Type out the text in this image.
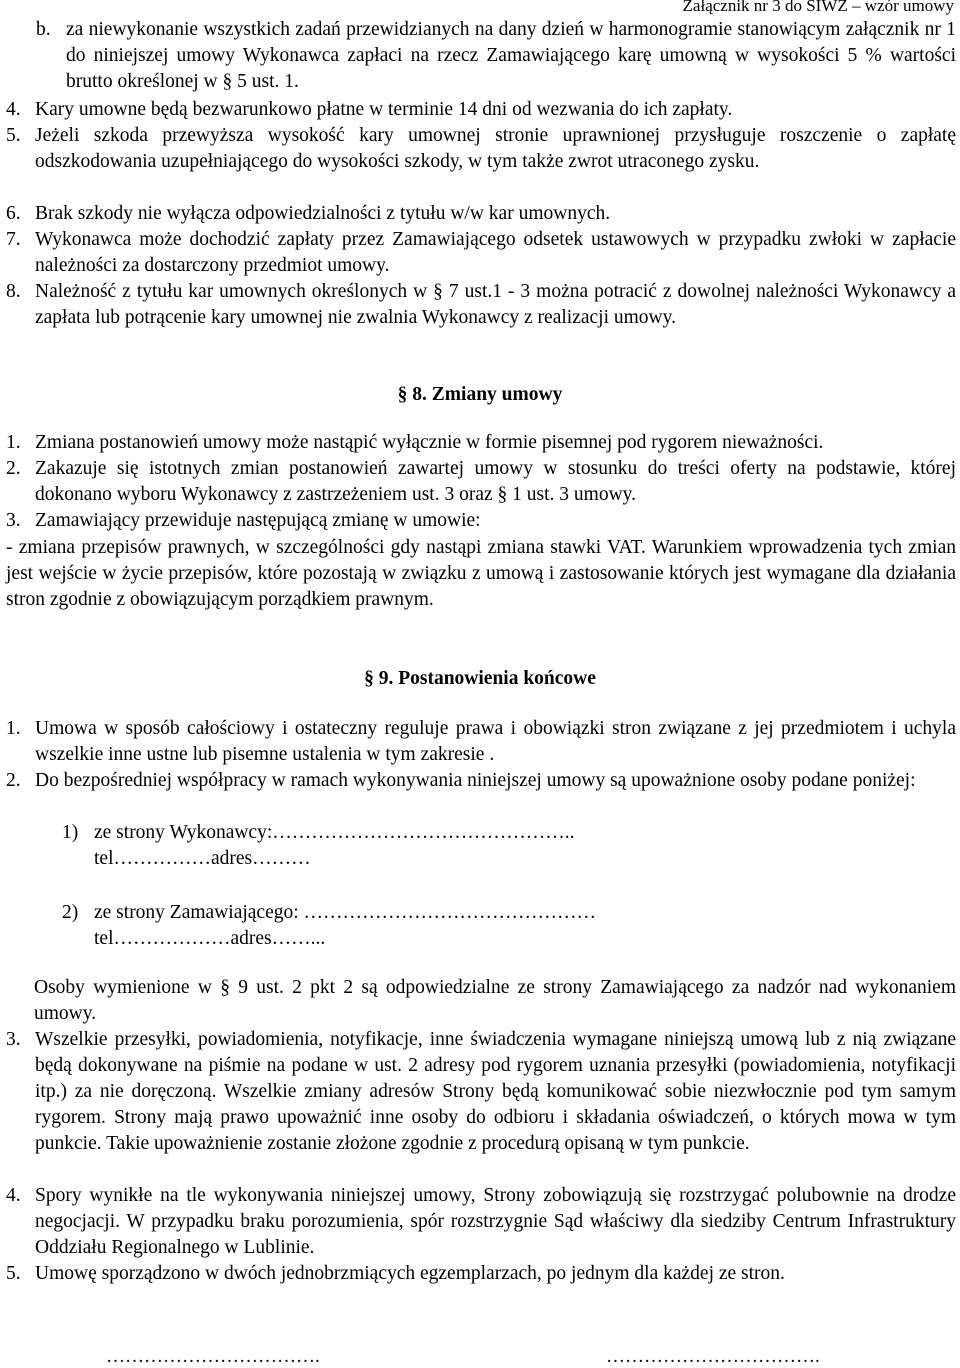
Załącznik nr 3 do SIWZ – wzór umowy
b. za niewykonanie wszystkich zadań przewidzianych na dany dzień w harmonogramie stanowiącym załącznik nr 1 do niniejszej umowy Wykonawca zapłaci na rzecz Zamawiającego karę umowną w wysokości 5 % wartości brutto określonej w § 5 ust. 1.
4. Kary umowne będą bezwarunkowo płatne w terminie 14 dni od wezwania do ich zapłaty.
5. Jeżeli szkoda przewyższa wysokość kary umownej stronie uprawnionej przysługuje roszczenie o zapłatę odszkodowania uzupełniającego do wysokości szkody, w tym także zwrot utraconego zysku.
6. Brak szkody nie wyłącza odpowiedzialności z tytułu w/w kar umownych.
7. Wykonawca może dochodzić zapłaty przez Zamawiającego odsetek ustawowych w przypadku zwłoki w zapłacie należności za dostarczony przedmiot umowy.
8. Należność z tytułu kar umownych określonych w § 7 ust.1 - 3 można potracić z dowolnej należności Wykonawcy a zapłata lub potrącenie kary umownej nie zwalnia Wykonawcy z realizacji umowy.
§ 8. Zmiany umowy
1. Zmiana postanowień umowy może nastąpić wyłącznie w formie pisemnej pod rygorem nieważności.
2. Zakazuje się istotnych zmian postanowień zawartej umowy w stosunku do treści oferty na podstawie, której dokonano wyboru Wykonawcy z zastrzeżeniem ust. 3 oraz § 1 ust. 3 umowy.
3. Zamawiający przewiduje następującą zmianę w umowie:
- zmiana przepisów prawnych, w szczególności gdy nastąpi zmiana stawki VAT. Warunkiem wprowadzenia tych zmian jest wejście w życie przepisów, które pozostają w związku z umową i zastosowanie których jest wymagane dla działania stron zgodnie z obowiązującym porządkiem prawnym.
§ 9. Postanowienia końcowe
1. Umowa w sposób całościowy i ostateczny reguluje prawa i obowiązki stron związane z jej przedmiotem i uchyla wszelkie inne ustne lub pisemne ustalenia w tym zakresie .
2. Do bezpośredniej współpracy w ramach wykonywania niniejszej umowy są upoważnione osoby podane poniżej:
1) ze strony Wykonawcy:………………………………………..
tel……………adres………
2) ze strony Zamawiającego: ………………………………………
tel………………adres……...
Osoby wymienione w § 9 ust. 2 pkt 2 są odpowiedzialne ze strony Zamawiającego za nadzór nad wykonaniem umowy.
3. Wszelkie przesyłki, powiadomienia, notyfikacje, inne świadczenia wymagane niniejszą umową lub z nią związane będą dokonywane na piśmie na podane w ust. 2 adresy pod rygorem uznania przesyłki (powiadomienia, notyfikacji itp.) za nie doręczoną. Wszelkie zmiany adresów Strony będą komunikować sobie niezwłocznie pod tym samym rygorem. Strony mają prawo upoważnić inne osoby do odbioru i składania oświadczeń, o których mowa w tym punkcie. Takie upoważnienie zostanie złożone zgodnie z procedurą opisaną w tym punkcie.
4. Spory wynikłe na tle wykonywania niniejszej umowy, Strony zobowiązują się rozstrzygać polubownie na drodze negocjacji. W przypadku braku porozumienia, spór rozstrzygnie Sąd właściwy dla siedziby Centrum Infrastruktury Oddziału Regionalnego w Lublinie.
5. Umowę sporządzono w dwóch jednobrzmiących egzemplarzach, po jednym dla każdej ze stron.
…………………………….	…………………………….
